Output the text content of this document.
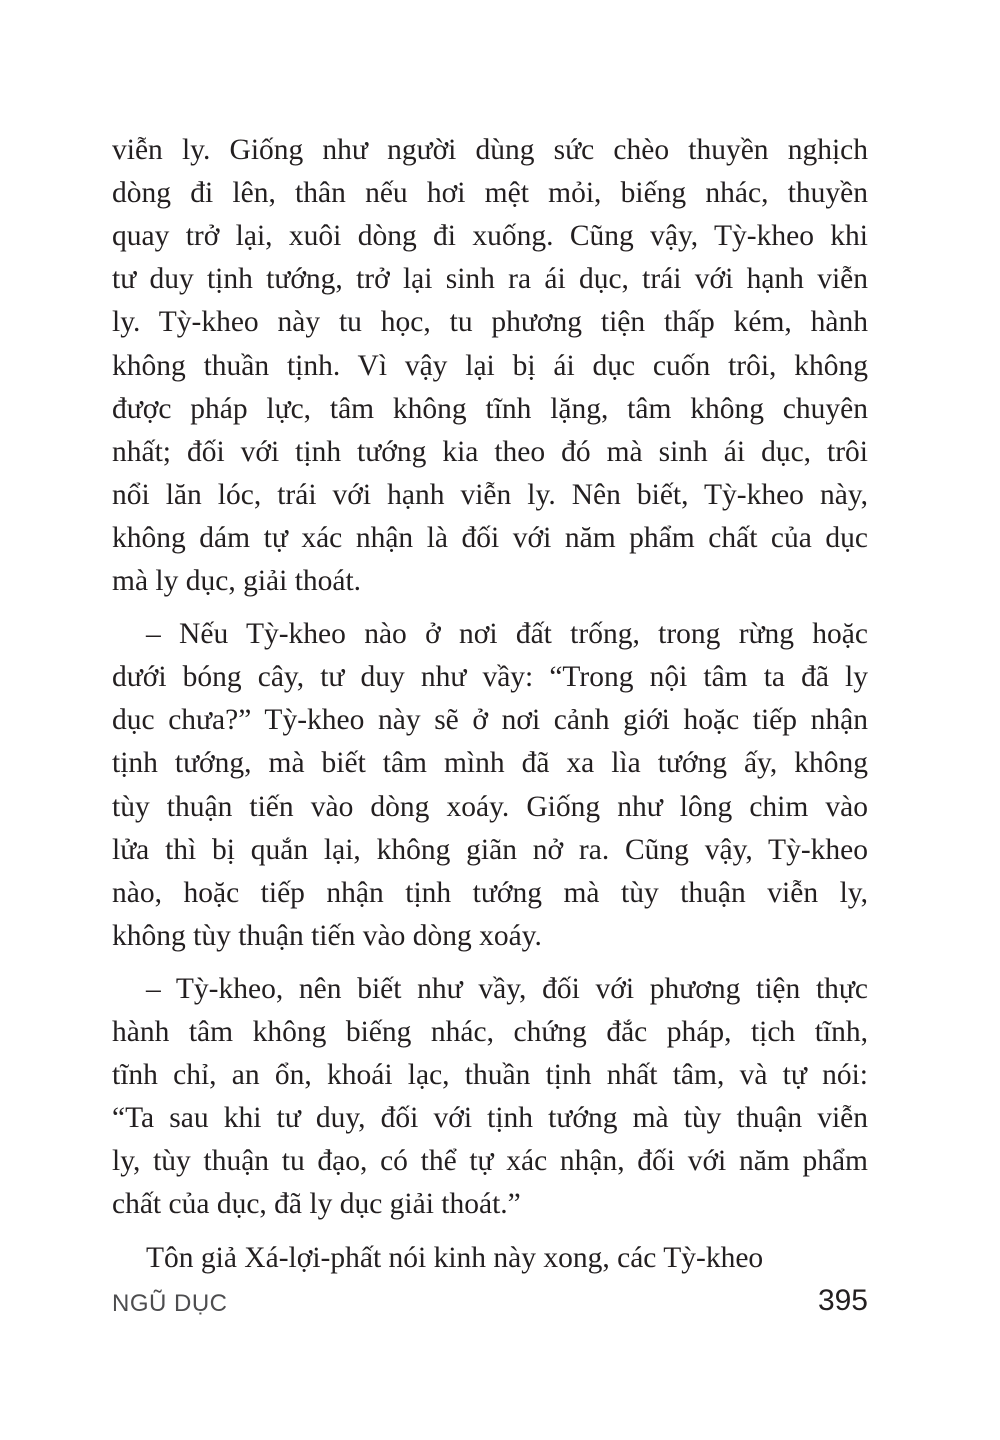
viễn ly. Giống như người dùng sức chèo thuyền nghịch
dòng đi lên, thân nếu hơi mệt mỏi, biếng nhác, thuyền
quay trở lại, xuôi dòng đi xuống. Cũng vậy, Tỳ-kheo khi
tư duy tịnh tướng, trở lại sinh ra ái dục, trái với hạnh viễn
ly. Tỳ-kheo này tu học, tu phương tiện thấp kém, hành
không thuần tịnh. Vì vậy lại bị ái dục cuốn trôi, không
được pháp lực, tâm không tĩnh lặng, tâm không chuyên
nhất; đối với tịnh tướng kia theo đó mà sinh ái dục, trôi
nổi lăn lóc, trái với hạnh viễn ly. Nên biết, Tỳ-kheo này,
không dám tự xác nhận là đối với năm phẩm chất của dục
mà ly dục, giải thoát.
– Nếu Tỳ-kheo nào ở nơi đất trống, trong rừng hoặc
dưới bóng cây, tư duy như vầy: “Trong nội tâm ta đã ly
dục chưa?” Tỳ-kheo này sẽ ở nơi cảnh giới hoặc tiếp nhận
tịnh tướng, mà biết tâm mình đã xa lìa tướng ấy, không
tùy thuận tiến vào dòng xoáy. Giống như lông chim vào
lửa thì bị quắn lại, không giãn nở ra. Cũng vậy, Tỳ-kheo
nào, hoặc tiếp nhận tịnh tướng mà tùy thuận viễn ly,
không tùy thuận tiến vào dòng xoáy.
– Tỳ-kheo, nên biết như vầy, đối với phương tiện thực
hành tâm không biếng nhác, chứng đắc pháp, tịch tĩnh,
tĩnh chỉ, an ổn, khoái lạc, thuần tịnh nhất tâm, và tự nói:
“Ta sau khi tư duy, đối với tịnh tướng mà tùy thuận viễn
ly, tùy thuận tu đạo, có thể tự xác nhận, đối với năm phẩm
chất của dục, đã ly dục giải thoát.”
Tôn giả Xá-lợi-phất nói kinh này xong, các Tỳ-kheo
NGŨ DỤC	395
